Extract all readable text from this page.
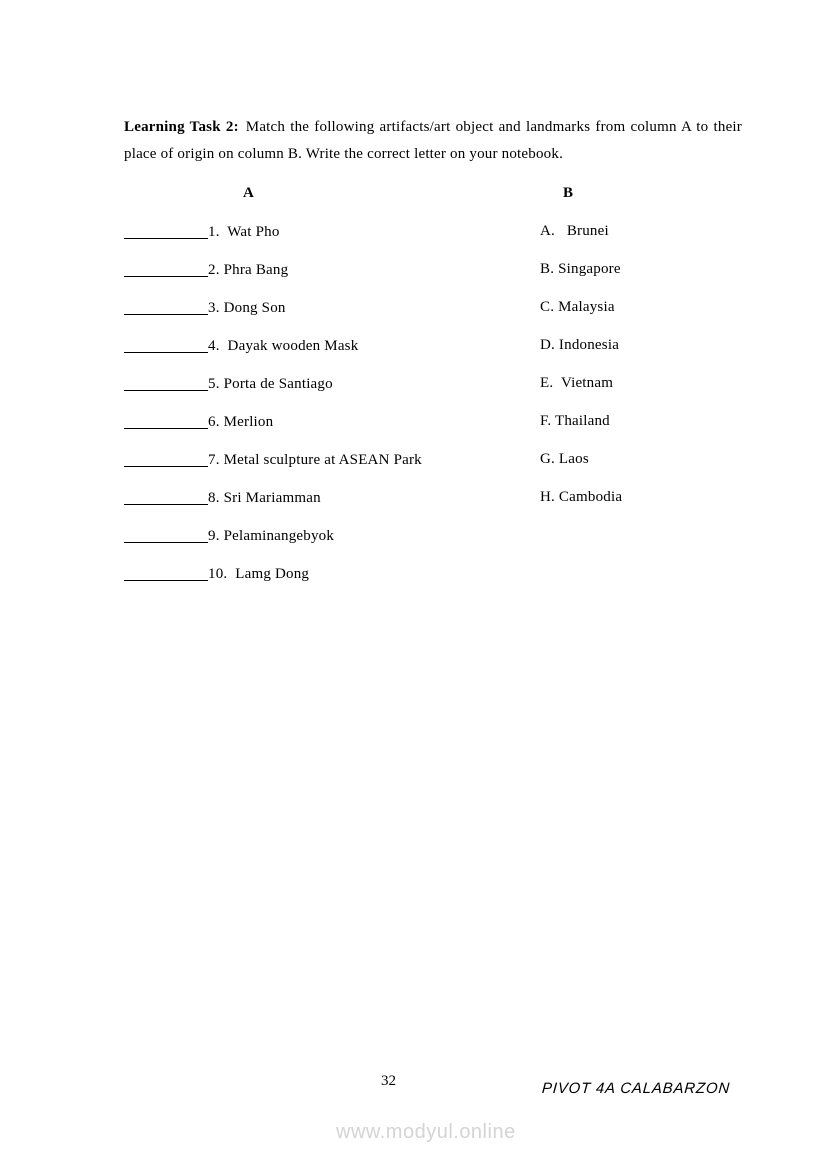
Learning Task 2: Match the following artifacts/art object and landmarks from column A to their place of origin on column B. Write the correct letter on your notebook.

A
1.  Wat Pho
2. Phra Bang
3. Dong Son
4.  Dayak wooden Mask
5. Porta de Santiago
6. Merlion
7. Metal sculpture at ASEAN Park
8. Sri Mariamman
9. Pelaminangebyok
10.  Lamg Dong
B
A.   Brunei
B. Singapore
C. Malaysia
D. Indonesia
E.  Vietnam
F. Thailand
G. Laos
H. Cambodia
32	PIVOT 4A CALABARZON
www.modyul.online
